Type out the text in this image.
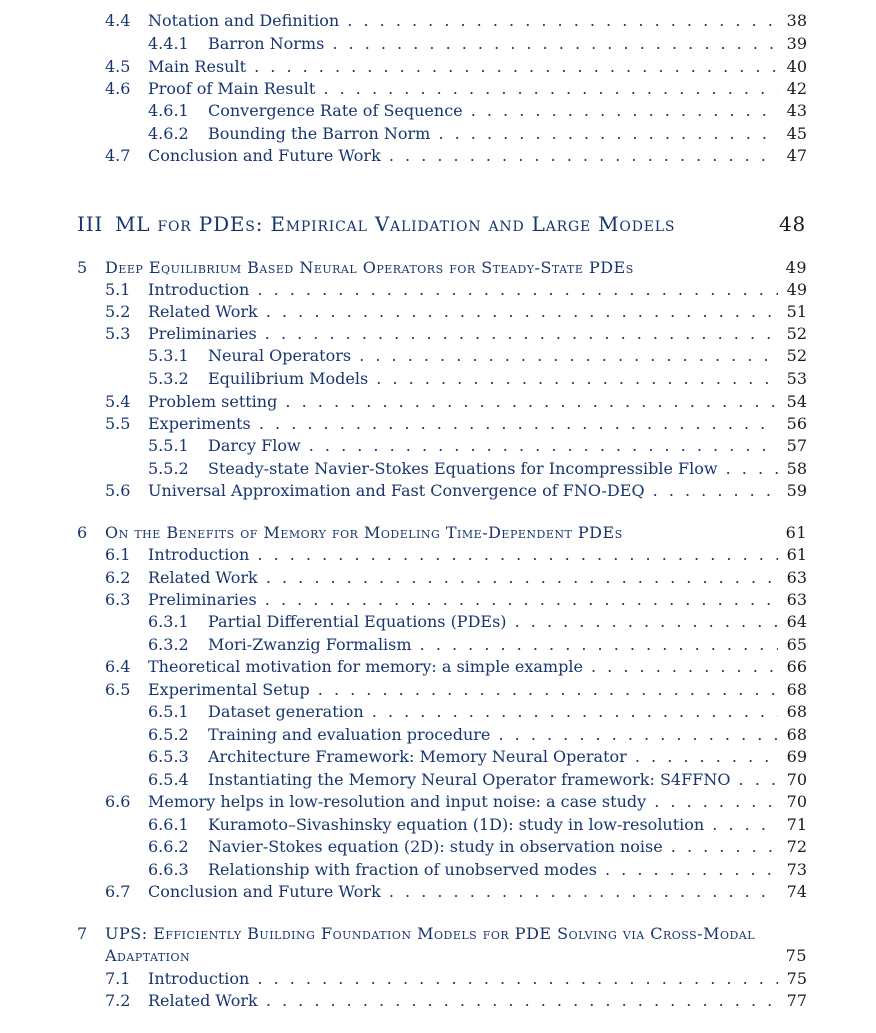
4.4 Notation and Definition . . .	38
4.4.1 Barron Norms . . .	39
4.5 Main Result . . .	40
4.6 Proof of Main Result . . .	42
4.6.1 Convergence Rate of Sequence . . .	43
4.6.2 Bounding the Barron Norm . . .	45
4.7 Conclusion and Future Work . . .	47
III ML for PDEs: Empirical Validation and Large Models	48
5 Deep Equilibrium Based Neural Operators for Steady-State PDEs	49
5.1 Introduction . . .	49
5.2 Related Work . . .	51
5.3 Preliminaries . . .	52
5.3.1 Neural Operators . . .	52
5.3.2 Equilibrium Models . . .	53
5.4 Problem setting . . .	54
5.5 Experiments . . .	56
5.5.1 Darcy Flow . . .	57
5.5.2 Steady-state Navier-Stokes Equations for Incompressible Flow . . .	58
5.6 Universal Approximation and Fast Convergence of FNO-DEQ . . .	59
6 On the Benefits of Memory for Modeling Time-Dependent PDEs	61
6.1 Introduction . . .	61
6.2 Related Work . . .	63
6.3 Preliminaries . . .	63
6.3.1 Partial Differential Equations (PDEs) . . .	64
6.3.2 Mori-Zwanzig Formalism . . .	65
6.4 Theoretical motivation for memory: a simple example . . .	66
6.5 Experimental Setup . . .	68
6.5.1 Dataset generation . . .	68
6.5.2 Training and evaluation procedure . . .	68
6.5.3 Architecture Framework: Memory Neural Operator . . .	69
6.5.4 Instantiating the Memory Neural Operator framework: S4FFNO . . .	70
6.6 Memory helps in low-resolution and input noise: a case study . . .	70
6.6.1 Kuramoto–Sivashinsky equation (1D): study in low-resolution . . .	71
6.6.2 Navier-Stokes equation (2D): study in observation noise . . .	72
6.6.3 Relationship with fraction of unobserved modes . . .	73
6.7 Conclusion and Future Work . . .	74
7 UPS: Efficiently Building Foundation Models for PDE Solving via Cross-Modal
Adaptation	75
7.1 Introduction . . .	75
7.2 Related Work . . .	77
